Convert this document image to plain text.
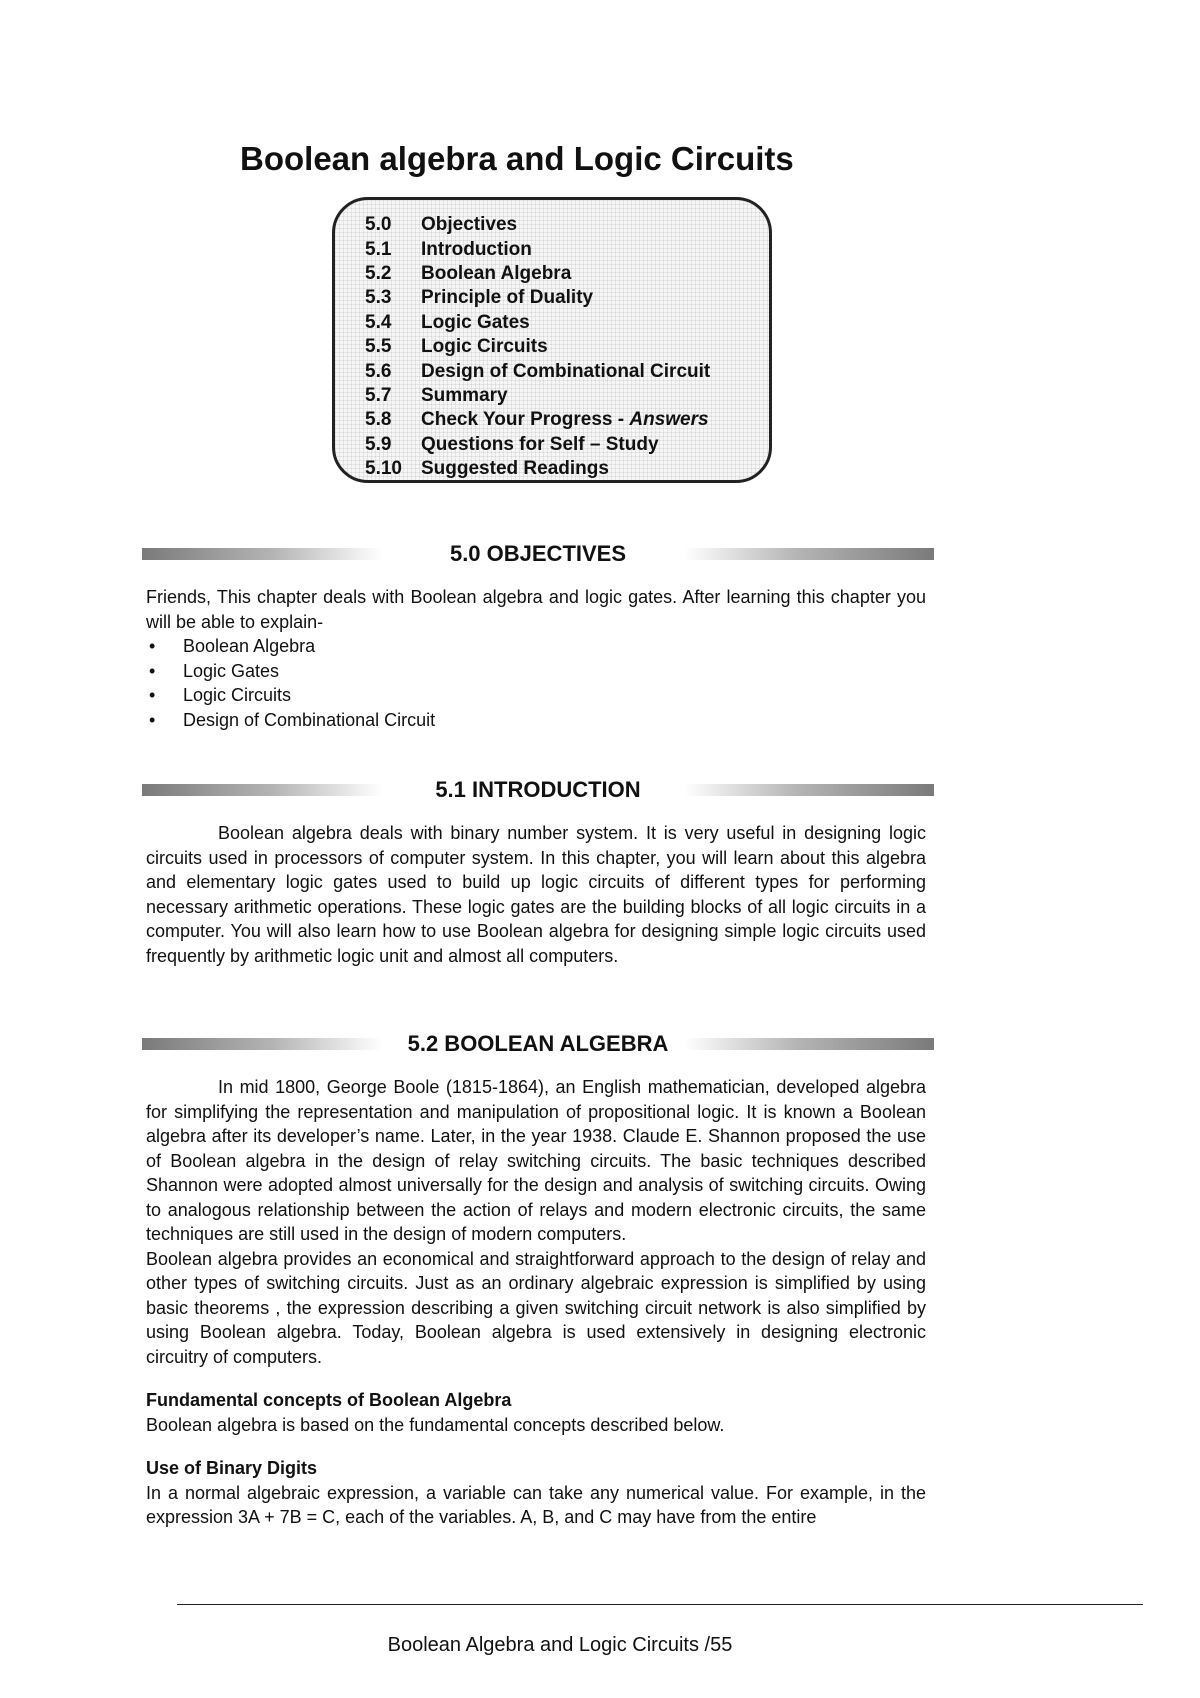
Boolean algebra and Logic Circuits
5.0	Objectives
5.1	Introduction
5.2	Boolean Algebra
5.3	Principle of Duality
5.4	Logic Gates
5.5	Logic Circuits
5.6	Design of Combinational Circuit
5.7	Summary
5.8	Check Your Progress - Answers
5.9	Questions for Self – Study
5.10	Suggested Readings
5.0 OBJECTIVES

Friends, This chapter deals with Boolean algebra and logic gates. After learning this chapter you will be able to explain-

• Boolean Algebra
• Logic Gates
• Logic Circuits
• Design of Combinational Circuit
5.1 INTRODUCTION

Boolean algebra deals with binary number system. It is very useful in designing logic circuits used in processors of computer system. In this chapter, you will learn about this algebra and elementary logic gates used to build up logic circuits of different types for performing necessary arithmetic operations. These logic gates are the building blocks of all logic circuits in a computer. You will also learn how to use Boolean algebra for designing simple logic circuits used frequently by arithmetic logic unit and almost all computers.

5.2 BOOLEAN ALGEBRA

In mid 1800, George Boole (1815-1864), an English mathematician, developed algebra for simplifying the representation and manipulation of propositional logic. It is known a Boolean algebra after its developer’s name. Later, in the year 1938. Claude E. Shannon proposed the use of Boolean algebra in the design of relay switching circuits. The basic techniques described Shannon were adopted almost universally for the design and analysis of switching circuits. Owing to analogous relationship between the action of relays and modern electronic circuits, the same techniques are still used in the design of modern computers.

Boolean algebra provides an economical and straightforward approach to the design of relay and other types of switching circuits. Just as an ordinary algebraic expression is simplified by using basic theorems , the expression describing a given switching circuit network is also simplified by using Boolean algebra. Today, Boolean algebra is used extensively in designing electronic circuitry of computers.

Fundamental concepts of Boolean Algebra

Boolean algebra is based on the fundamental concepts described below.

Use of Binary Digits

In a normal algebraic expression, a variable can take any numerical value. For example, in the expression 3A + 7B = C, each of the variables. A, B, and C may have from the entire

Boolean Algebra and Logic Circuits /55
